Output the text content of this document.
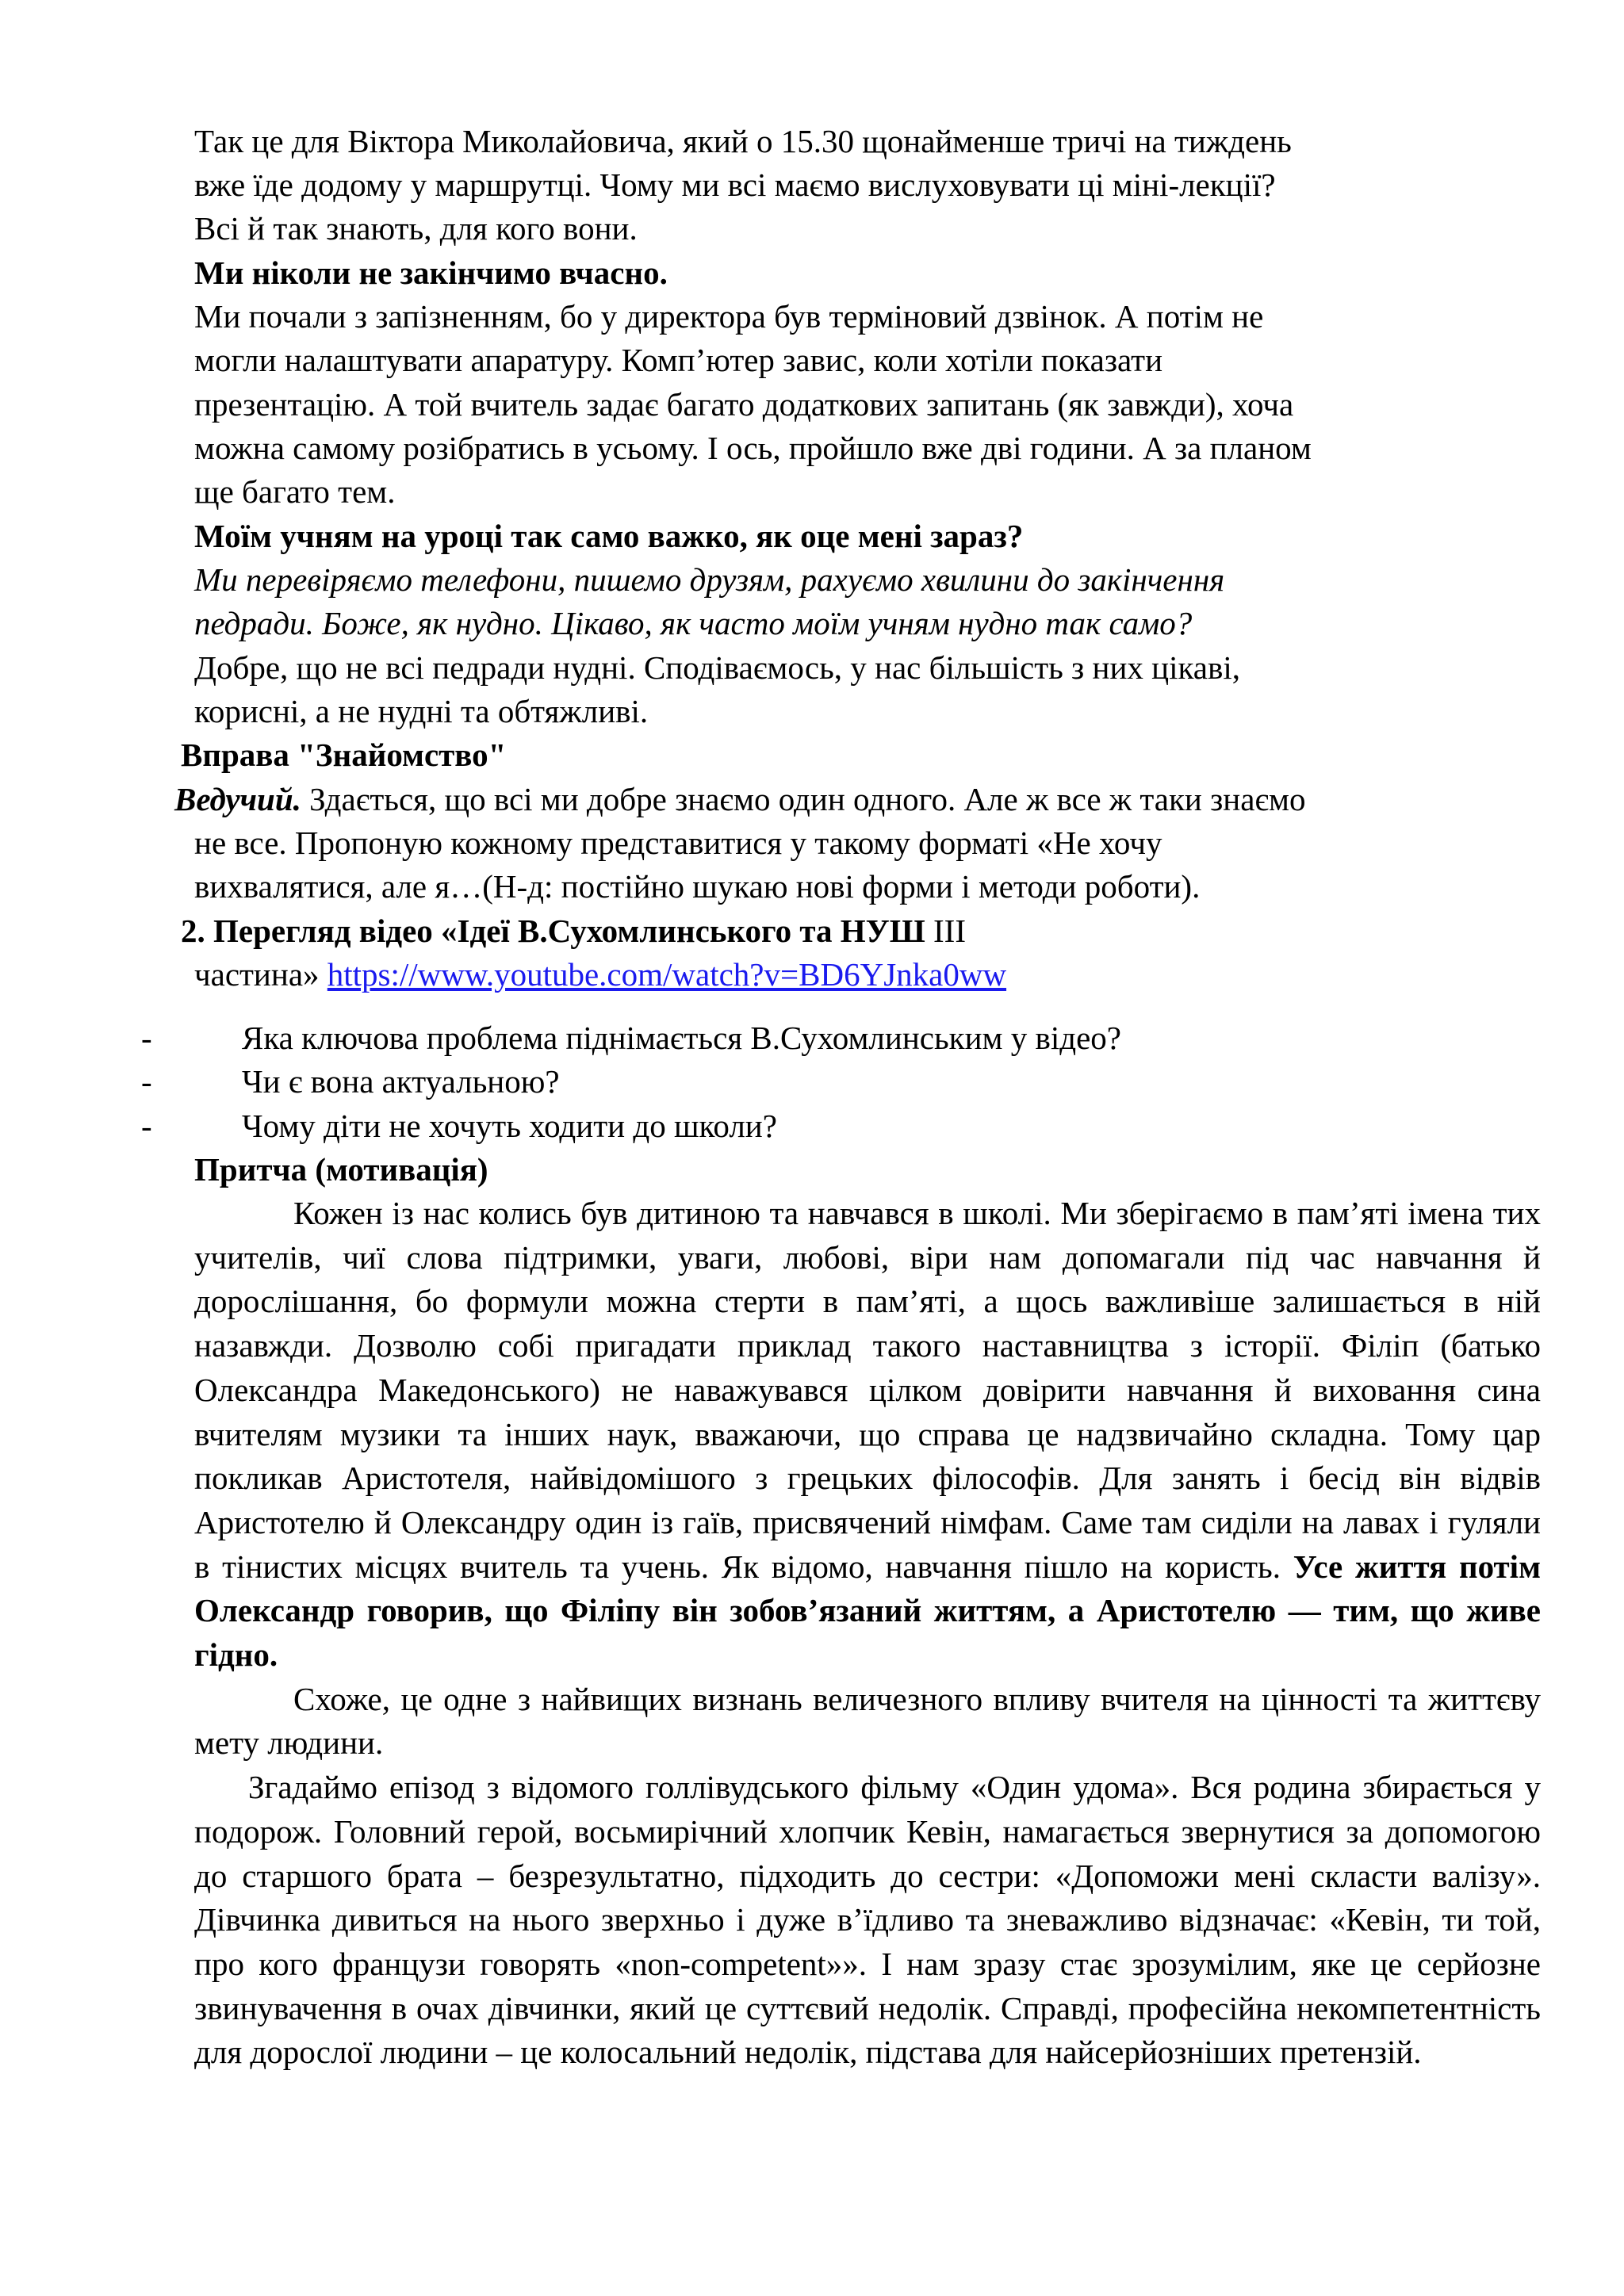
Так це для Віктора Миколайовича, який о 15.30 щонайменше тричі на тиждень
вже їде додому у маршрутці. Чому ми всі маємо вислуховувати ці міні-лекції?
Всі й так знають, для кого вони.
Ми ніколи не закінчимо вчасно.
Ми почали з запізненням, бо у директора був терміновий дзвінок. А потім не
могли налаштувати апаратуру. Комп’ютер завис, коли хотіли показати
презентацію. А той вчитель задає багато додаткових запитань (як завжди), хоча
можна самому розібратись в усьому. І ось, пройшло вже дві години. А за планом
ще багато тем.
Моїм учням на уроці так само важко, як оце мені зараз?
Ми перевіряємо телефони, пишемо друзям, рахуємо хвилини до закінчення
педради. Боже, як нудно. Цікаво, як часто моїм учням нудно так само?
Добре, що не всі педради нудні. Сподіваємось, у нас більшість з них цікаві,
корисні, а не нудні та обтяжливі.
Вправа "Знайомство"
Ведучий. Здається, що всі ми добре знаємо один одного. Але ж все ж таки знаємо
не все. Пропоную кожному представитися у такому форматі «Не хочу
вихвалятися, але я…(Н-д: постійно шукаю нові форми і методи роботи).
2. Перегляд відео «Ідеї В.Сухомлинського та НУШ ІІІ
частина» https://www.youtube.com/watch?v=BD6YJnka0ww
-	Яка ключова проблема піднімається В.Сухомлинським у відео?
-	Чи є вона актуальною?
-	Чому діти не хочуть ходити до школи?
Притча (мотивація)

Кожен із нас колись був дитиною та навчався в школі. Ми зберігаємо в пам’яті імена тих учителів, чиї слова підтримки, уваги, любові, віри нам допомагали під час навчання й дорослішання, бо формули можна стерти в пам’яті, а щось важливіше залишається в ній назавжди. Дозволю собі пригадати приклад такого наставництва з історії. Філіп (батько Олександра Македонського) не наважувався цілком довірити навчання й виховання сина вчителям музики та інших наук, вважаючи, що справа це надзвичайно складна. Тому цар покликав Аристотеля, найвідомішого з грецьких філософів. Для занять і бесід він відвів Аристотелю й Олександру один із гаїв, присвячений німфам. Саме там сиділи на лавах і гуляли в тінистих місцях вчитель та учень. Як відомо, навчання пішло на користь. Усе життя потім Олександр говорив, що Філіпу він зобов’язаний життям, а Аристотелю — тим, що живе гідно.

Схоже, це одне з найвищих визнань величезного впливу вчителя на цінності та життєву мету людини.

Згадаймо епізод з відомого голлівудського фільму «Один удома». Вся родина збирається у подорож. Головний герой, восьмирічний хлопчик Кевін, намагається звернутися за допомогою до старшого брата – безрезультатно, підходить до сестри: «Допоможи мені скласти валізу». Дівчинка дивиться на нього зверхньо і дуже в’їдливо та зневажливо відзначає: «Кевін, ти той, про кого французи говорять «non-competent»». І нам зразу стає зрозумілим, яке це серйозне звинувачення в очах дівчинки, який це суттєвий недолік. Справді, професійна некомпетентність для дорослої людини – це колосальний недолік, підстава для найсерйозніших претензій.
